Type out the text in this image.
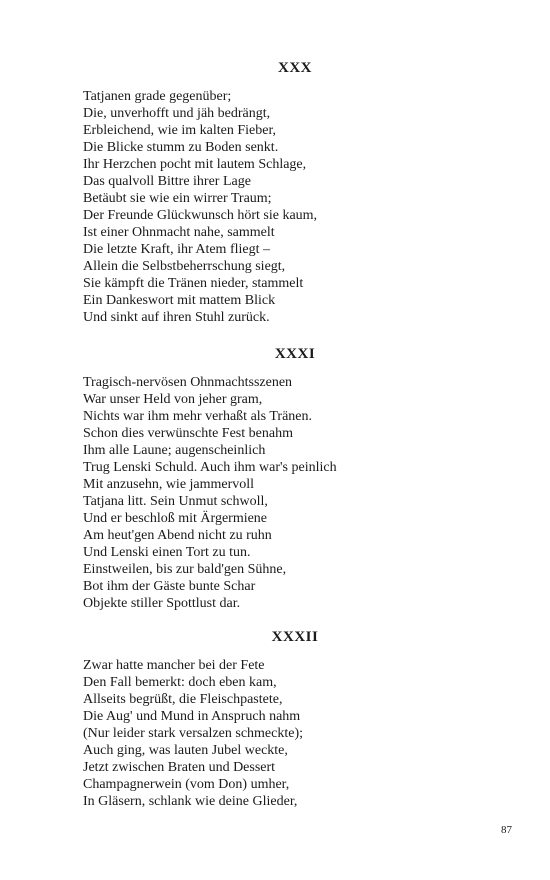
XXX
Tatjanen grade gegenüber;
Die, unverhofft und jäh bedrängt,
Erbleichend, wie im kalten Fieber,
Die Blicke stumm zu Boden senkt.
Ihr Herzchen pocht mit lautem Schlage,
Das qualvoll Bittre ihrer Lage
Betäubt sie wie ein wirrer Traum;
Der Freunde Glückwunsch hört sie kaum,
Ist einer Ohnmacht nahe, sammelt
Die letzte Kraft, ihr Atem fliegt –
Allein die Selbstbeherrschung siegt,
Sie kämpft die Tränen nieder, stammelt
Ein Dankeswort mit mattem Blick
Und sinkt auf ihren Stuhl zurück.
XXXI
Tragisch-nervösen Ohnmachtsszenen
War unser Held von jeher gram,
Nichts war ihm mehr verhaßt als Tränen.
Schon dies verwünschte Fest benahm
Ihm alle Laune; augenscheinlich
Trug Lenski Schuld. Auch ihm war's peinlich
Mit anzusehn, wie jammervoll
Tatjana litt. Sein Unmut schwoll,
Und er beschloß mit Ärgermiene
Am heut'gen Abend nicht zu ruhn
Und Lenski einen Tort zu tun.
Einstweilen, bis zur bald'gen Sühne,
Bot ihm der Gäste bunte Schar
Objekte stiller Spottlust dar.
XXXII
Zwar hatte mancher bei der Fete
Den Fall bemerkt: doch eben kam,
Allseits begrüßt, die Fleischpastete,
Die Aug' und Mund in Anspruch nahm
(Nur leider stark versalzen schmeckte);
Auch ging, was lauten Jubel weckte,
Jetzt zwischen Braten und Dessert
Champagnerwein (vom Don) umher,
In Gläsern, schlank wie deine Glieder,
87
